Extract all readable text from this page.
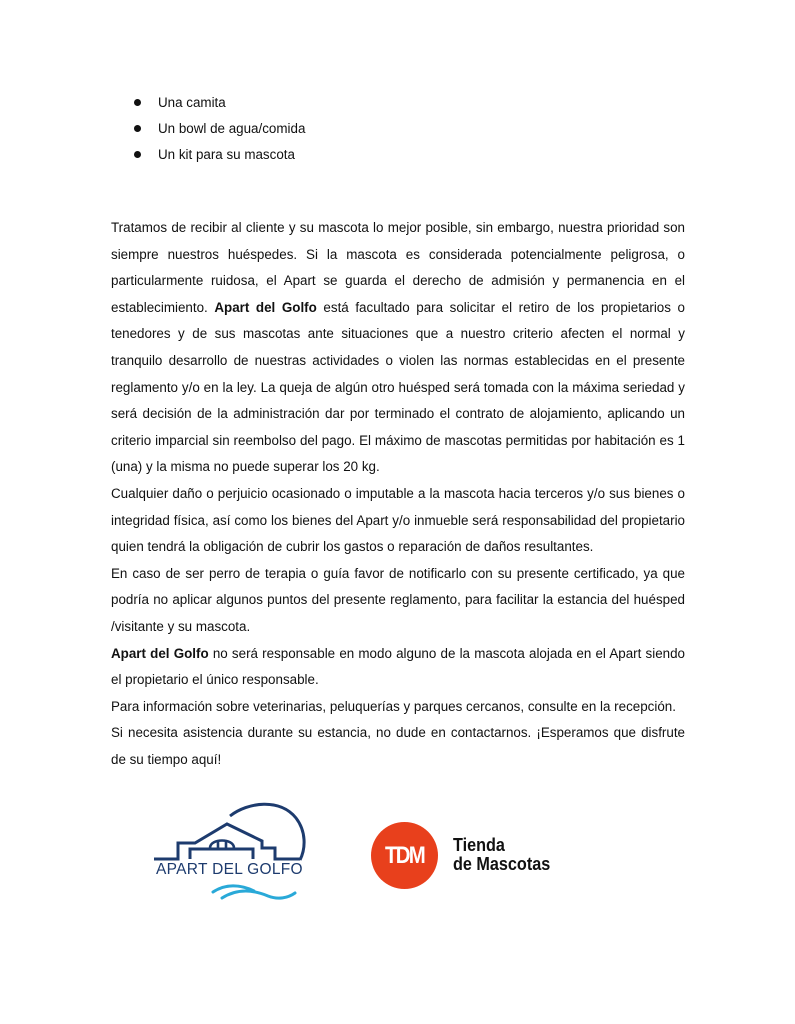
Una camita
Un bowl de agua/comida
Un kit para su mascota

Tratamos de recibir al cliente y su mascota lo mejor posible, sin embargo, nuestra prioridad son siempre nuestros huéspedes. Si la mascota es considerada potencialmente peligrosa, o particularmente ruidosa, el Apart se guarda el derecho de admisión y permanencia en el establecimiento. Apart del Golfo está facultado para solicitar el retiro de los propietarios o tenedores y de sus mascotas ante situaciones que a nuestro criterio afecten el normal y tranquilo desarrollo de nuestras actividades o violen las normas establecidas en el presente reglamento y/o en la ley. La queja de algún otro huésped será tomada con la máxima seriedad y será decisión de la administración dar por terminado el contrato de alojamiento, aplicando un criterio imparcial sin reembolso del pago. El máximo de mascotas permitidas por habitación es 1 (una) y la misma no puede superar los 20 kg.

Cualquier daño o perjuicio ocasionado o imputable a la mascota hacia terceros y/o sus bienes o integridad física, así como los bienes del Apart y/o inmueble será responsabilidad del propietario quien tendrá la obligación de cubrir los gastos o reparación de daños resultantes.

En caso de ser perro de terapia o guía favor de notificarlo con su presente certificado, ya que podría no aplicar algunos puntos del presente reglamento, para facilitar la estancia del huésped /visitante y su mascota.

Apart del Golfo no será responsable en modo alguno de la mascota alojada en el Apart siendo el propietario el único responsable.

Para información sobre veterinarias, peluquerías y parques cercanos, consulte en la recepción.

Si necesita asistencia durante su estancia, no dude en contactarnos. ¡Esperamos que disfrute de su tiempo aquí!

APART DEL GOLFO
TDM	Tienda
de Mascotas
